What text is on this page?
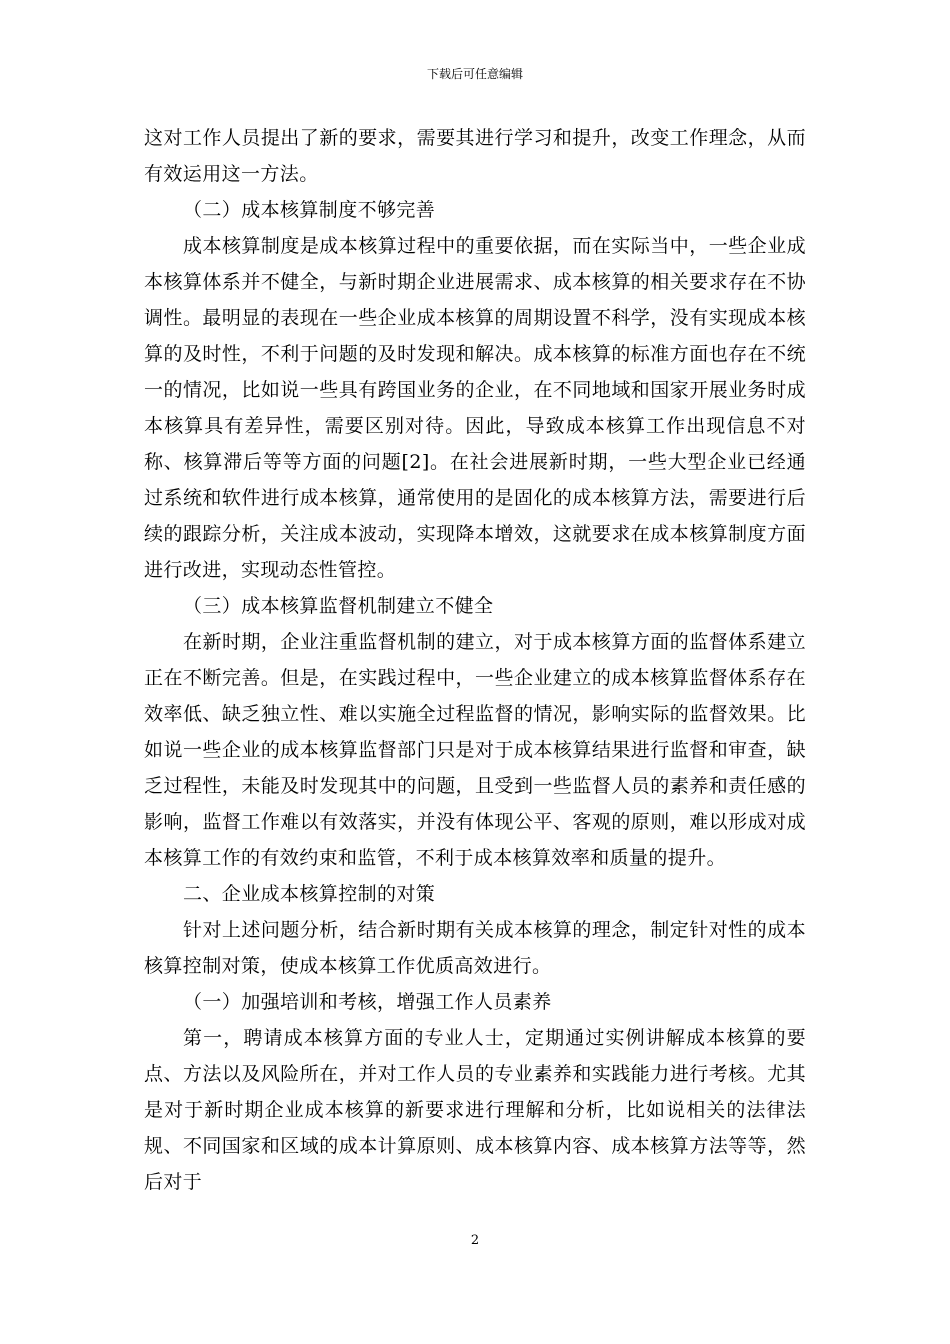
下载后可任意编辑

这对工作人员提出了新的要求，需要其进行学习和提升，改变工作理念，从而有效运用这一方法。

（二）成本核算制度不够完善

成本核算制度是成本核算过程中的重要依据，而在实际当中，一些企业成本核算体系并不健全，与新时期企业进展需求、成本核算的相关要求存在不协调性。最明显的表现在一些企业成本核算的周期设置不科学，没有实现成本核算的及时性，不利于问题的及时发现和解决。成本核算的标准方面也存在不统一的情况，比如说一些具有跨国业务的企业，在不同地域和国家开展业务时成本核算具有差异性，需要区别对待。因此，导致成本核算工作出现信息不对称、核算滞后等等方面的问题[2]。在社会进展新时期，一些大型企业已经通过系统和软件进行成本核算，通常使用的是固化的成本核算方法，需要进行后续的跟踪分析，关注成本波动，实现降本增效，这就要求在成本核算制度方面进行改进，实现动态性管控。

（三）成本核算监督机制建立不健全

在新时期，企业注重监督机制的建立，对于成本核算方面的监督体系建立正在不断完善。但是，在实践过程中，一些企业建立的成本核算监督体系存在效率低、缺乏独立性、难以实施全过程监督的情况，影响实际的监督效果。比如说一些企业的成本核算监督部门只是对于成本核算结果进行监督和审查，缺乏过程性，未能及时发现其中的问题，且受到一些监督人员的素养和责任感的影响，监督工作难以有效落实，并没有体现公平、客观的原则，难以形成对成本核算工作的有效约束和监管，不利于成本核算效率和质量的提升。

二、企业成本核算控制的对策

针对上述问题分析，结合新时期有关成本核算的理念，制定针对性的成本核算控制对策，使成本核算工作优质高效进行。

（一）加强培训和考核，增强工作人员素养

第一，聘请成本核算方面的专业人士，定期通过实例讲解成本核算的要点、方法以及风险所在，并对工作人员的专业素养和实践能力进行考核。尤其是对于新时期企业成本核算的新要求进行理解和分析，比如说相关的法律法规、不同国家和区域的成本计算原则、成本核算内容、成本核算方法等等，然后对于

2
